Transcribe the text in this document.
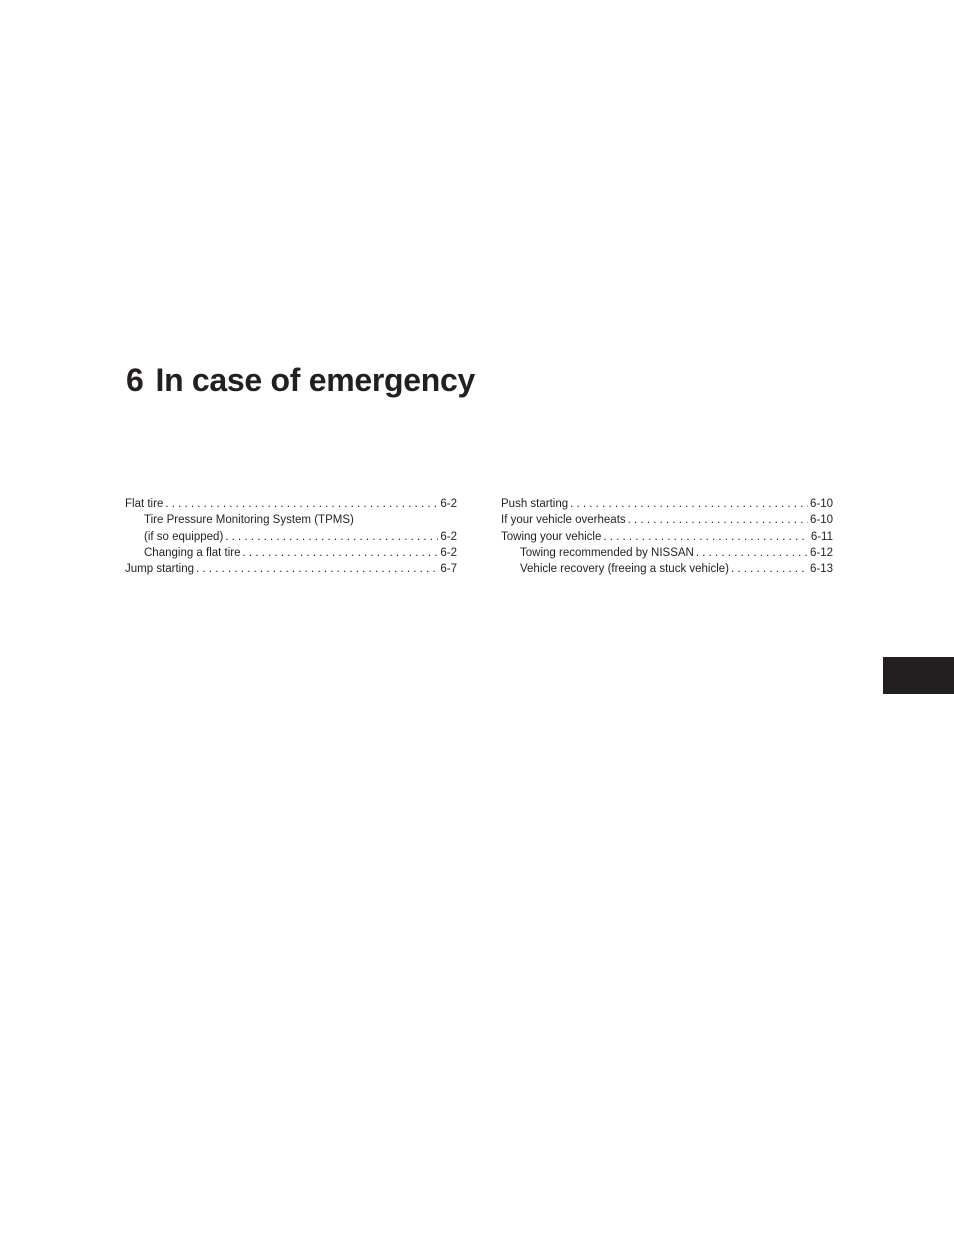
6 In case of emergency
Flat tire . . .	6-2
Tire Pressure Monitoring System (TPMS)
(if so equipped) . . .	6-2
Changing a flat tire . . .	6-2
Jump starting . . .	6-7
Push starting . . .	6-10
If your vehicle overheats . . .	6-10
Towing your vehicle . . .	6-11
Towing recommended by NISSAN . . .	6-12
Vehicle recovery (freeing a stuck vehicle) . . .	6-13
